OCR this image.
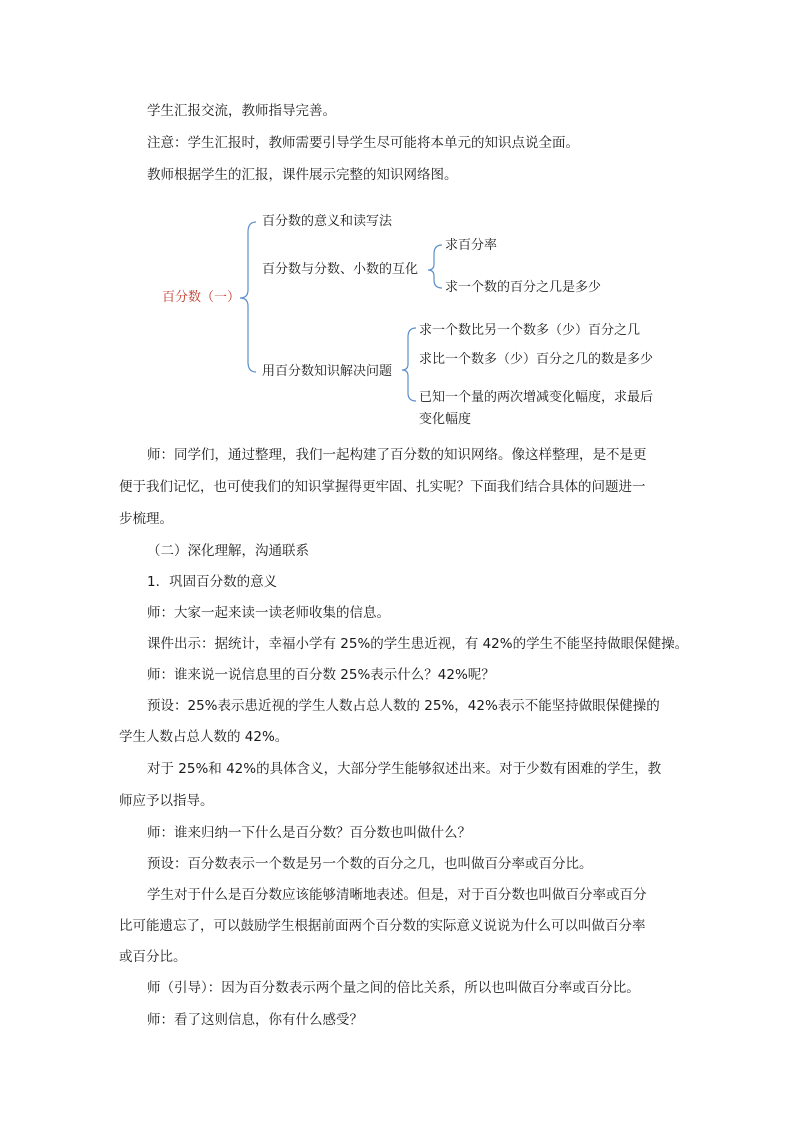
学生汇报交流，教师指导完善。
注意：学生汇报时，教师需要引导学生尽可能将本单元的知识点说全面。
教师根据学生的汇报，课件展示完整的知识网络图。
百分数（一）
百分数的意义和读写法
百分数与分数、小数的互化
求百分率
求一个数的百分之几是多少
用百分数知识解决问题
求一个数比另一个数多（少）百分之几
求比一个数多（少）百分之几的数是多少
已知一个量的两次增减变化幅度，求最后
变化幅度
师：同学们，通过整理，我们一起构建了百分数的知识网络。像这样整理，是不是更
便于我们记忆，也可使我们的知识掌握得更牢固、扎实呢？下面我们结合具体的问题进一
步梳理。
（二）深化理解，沟通联系
1．巩固百分数的意义
师：大家一起来读一读老师收集的信息。
课件出示：据统计，幸福小学有 25%的学生患近视，有 42%的学生不能坚持做眼保健操。
师：谁来说一说信息里的百分数 25%表示什么？42%呢？
预设：25%表示患近视的学生人数占总人数的 25%，42%表示不能坚持做眼保健操的
学生人数占总人数的 42%。
对于 25%和 42%的具体含义，大部分学生能够叙述出来。对于少数有困难的学生，教
师应予以指导。
师：谁来归纳一下什么是百分数？百分数也叫做什么？
预设：百分数表示一个数是另一个数的百分之几，也叫做百分率或百分比。
学生对于什么是百分数应该能够清晰地表述。但是，对于百分数也叫做百分率或百分
比可能遗忘了，可以鼓励学生根据前面两个百分数的实际意义说说为什么可以叫做百分率
或百分比。
师（引导）：因为百分数表示两个量之间的倍比关系，所以也叫做百分率或百分比。
师：看了这则信息，你有什么感受？
